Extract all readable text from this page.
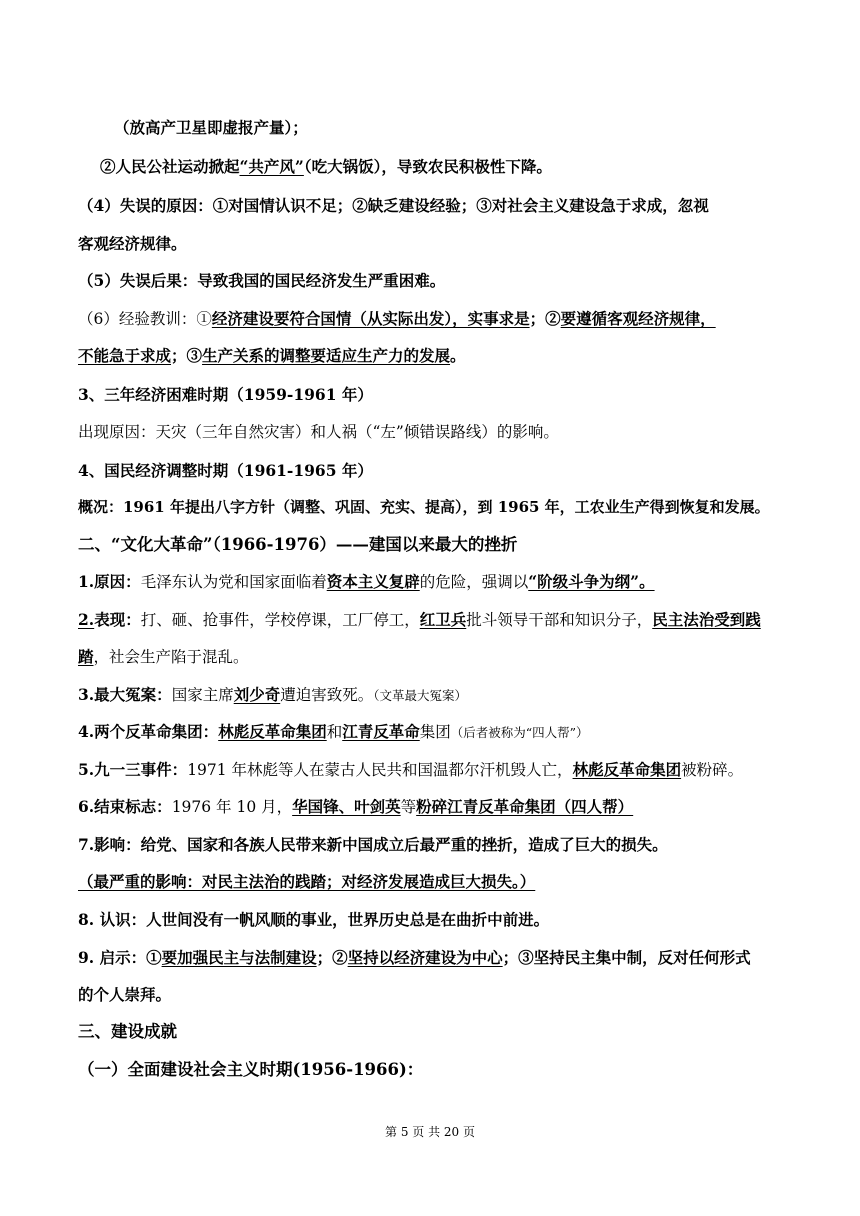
（放高产卫星即虚报产量）；
②人民公社运动掀起“共产风”（吃大锅饭），导致农民积极性下降。
（4）失误的原因：①对国情认识不足；②缺乏建设经验；③对社会主义建设急于求成，忽视
客观经济规律。
（5）失误后果：导致我国的国民经济发生严重困难。
（6）经验教训：①经济建设要符合国情（从实际出发），实事求是；②要遵循客观经济规律，
不能急于求成；③生产关系的调整要适应生产力的发展。
3、三年经济困难时期（1959-1961 年）
出现原因：天灾（三年自然灾害）和人祸（“左”倾错误路线）的影响。
4、国民经济调整时期（1961-1965 年）
概况：1961 年提出八字方针（调整、巩固、充实、提高），到 1965 年，工农业生产得到恢复和发展。
二、“文化大革命”（1966-1976）——建国以来最大的挫折
1.原因：毛泽东认为党和国家面临着资本主义复辟的危险，强调以“阶级斗争为纲”。
2.表现：打、砸、抢事件，学校停课，工厂停工，红卫兵批斗领导干部和知识分子，民主法治受到践
踏，社会生产陷于混乱。
3.最大冤案：国家主席刘少奇遭迫害致死。（文革最大冤案）
4.两个反革命集团：林彪反革命集团和江青反革命集团（后者被称为“四人帮”）
5.九一三事件：1971 年林彪等人在蒙古人民共和国温都尔汗机毁人亡，林彪反革命集团被粉碎。
6.结束标志：1976 年 10 月，华国锋、叶剑英等粉碎江青反革命集团（四人帮）
7.影响：给党、国家和各族人民带来新中国成立后最严重的挫折，造成了巨大的损失。
（最严重的影响：对民主法治的践踏；对经济发展造成巨大损失。）
8. 认识：人世间没有一帆风顺的事业，世界历史总是在曲折中前进。
9. 启示：①要加强民主与法制建设；②坚持以经济建设为中心；③坚持民主集中制，反对任何形式
的个人崇拜。
三、建设成就
（一）全面建设社会主义时期(1956-1966)：
第 5 页 共 20 页
